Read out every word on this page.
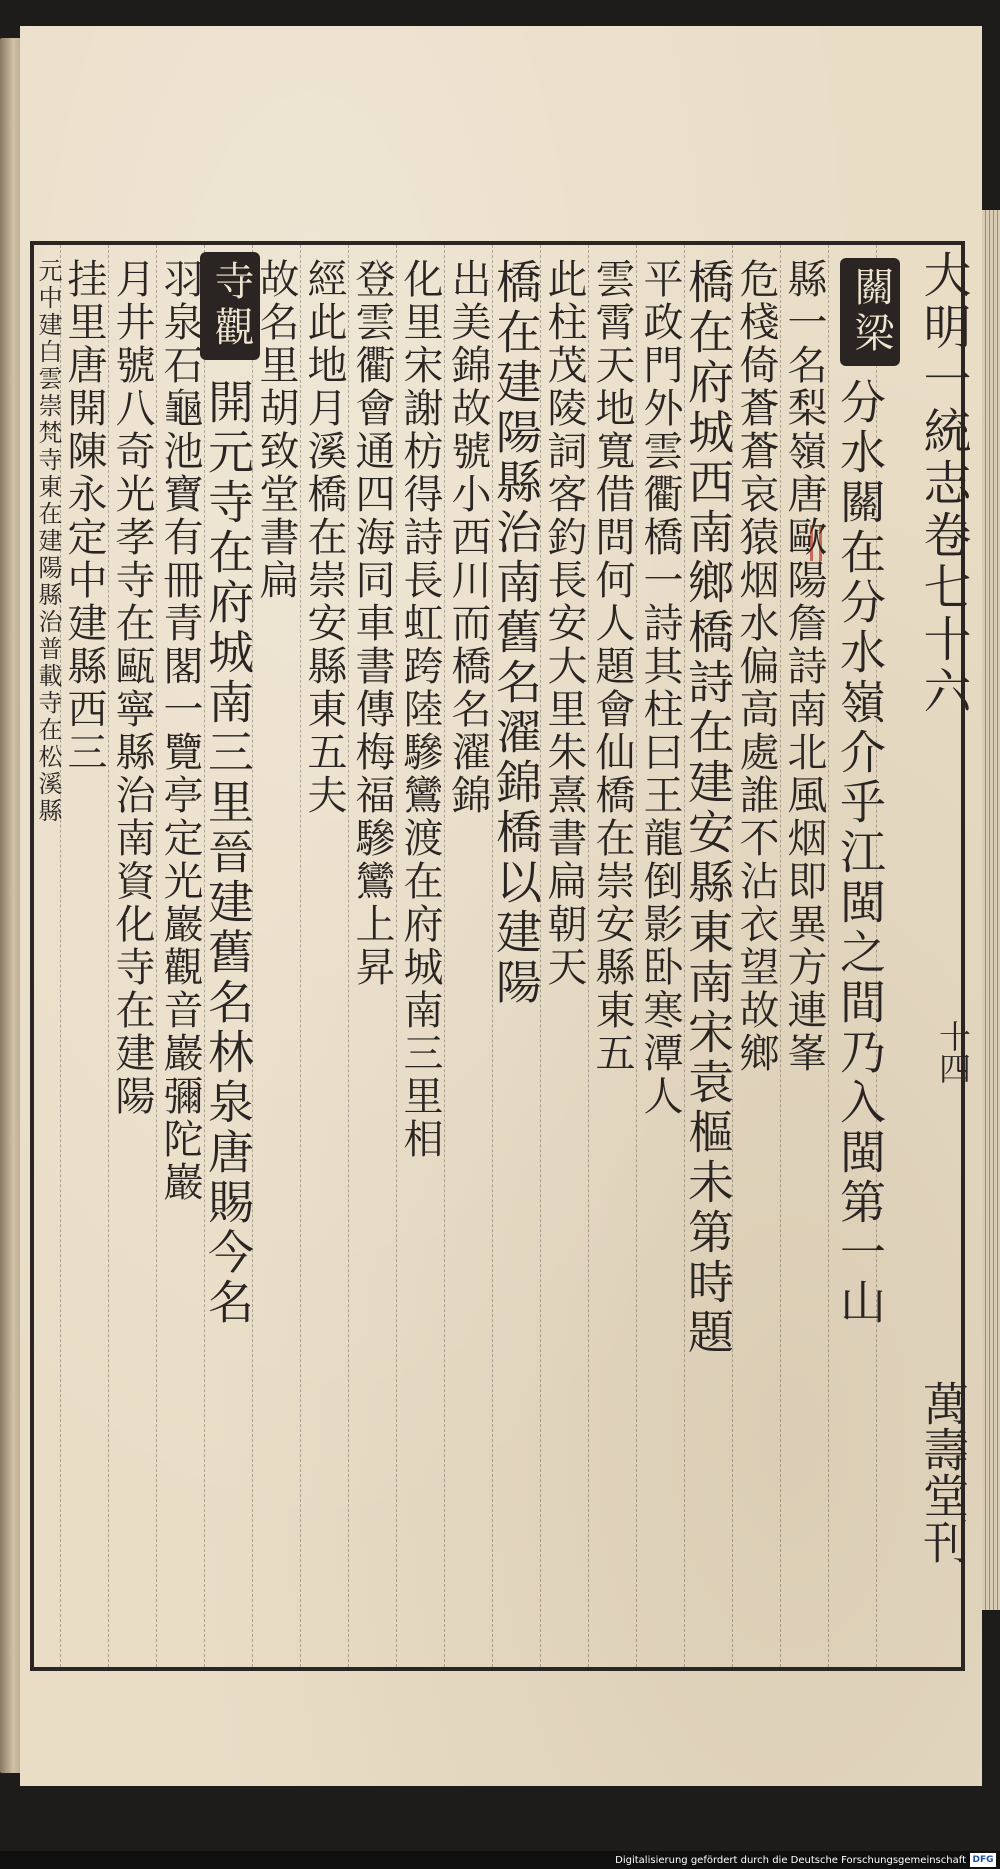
大明一統志卷七十六
十四
萬壽堂刊
關梁
寺觀
分水關在分水嶺介乎江閩之間乃入閩第一山
縣一名梨嶺唐歐陽詹詩南北風烟即異方連峯
危棧倚蒼蒼哀猿烟水偏高處誰不沾衣望故鄉
橋在府城西南鄉橋詩在建安縣東南宋袁樞未第時題
平政門外雲衢橋一詩其柱曰王龍倒影卧寒潭人
雲霄天地寬借問何人題會仙橋在崇安縣東五
此柱茂陵詞客釣長安大里朱熹書扁朝天
橋在建陽縣治南舊名濯錦橋以建陽
出美錦故號小西川而橋名濯錦
化里宋謝枋得詩長虹跨陸驂鸞渡在府城南三里相
登雲衢會通四海同車書傳梅福驂鸞上昇
經此地月溪橋在崇安縣東五夫
故名里胡致堂書扁
開元寺在府城南三里晉建舊名林泉唐賜今名
羽泉石龜池寶有冊青閣一覽亭定光巖觀音巖彌陀巖
月井號八奇光孝寺在甌寧縣治南資化寺在建陽
挂里唐開陳永定中建縣西三
元中建白雲崇梵寺東在建陽縣治普載寺在松溪縣
Digitalisierung gefördert durch die Deutsche Forschungsgemeinschaft DFG
